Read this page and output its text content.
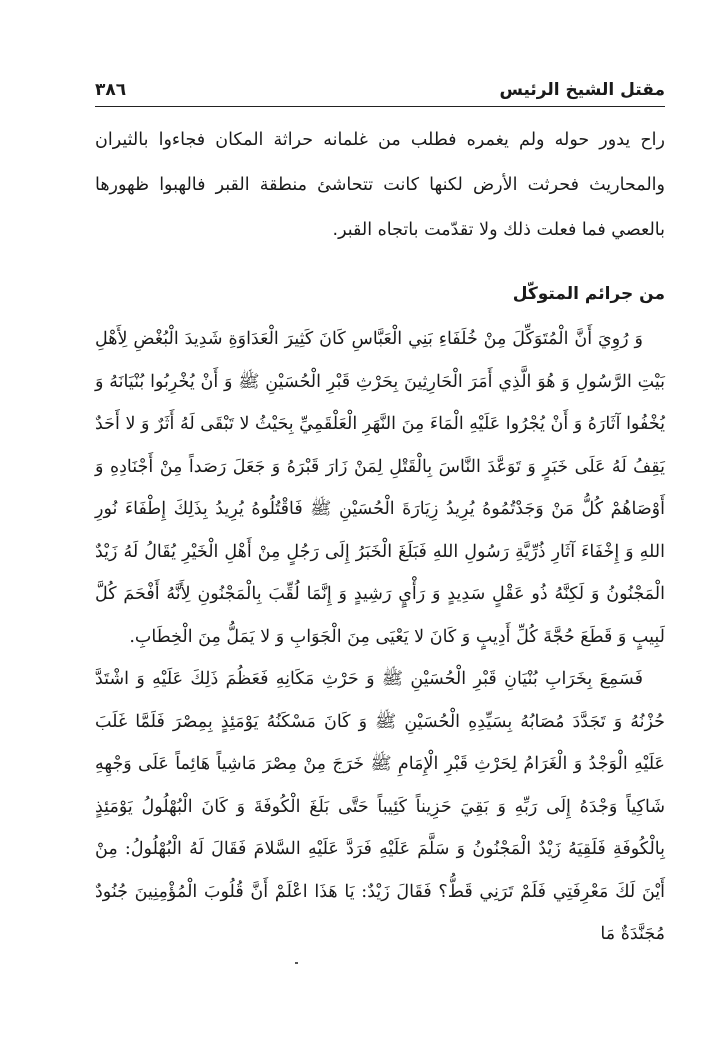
مقتل الشيخ الرئيس
٣٨٦
راح يدور حوله ولم يغمره فطلب من غلمانه حراثة المكان فجاءوا بالثيران والمحاريث فحرثت الأرض لكنها كانت تتحاشئ منطقة القبر فالهبوا ظهورها بالعصي فما فعلت ذلك ولا تقدّمت باتجاه القبر.
من جرائم المتوكّل

وَ رُوِيَ أَنَّ الْمُتَوَكِّلَ مِنْ خُلَفَاءِ بَنِي الْعَبَّاسِ كَانَ كَثِيرَ الْعَدَاوَةِ شَدِيدَ الْبُغْضِ لِأَهْلِ بَيْتِ الرَّسُولِ وَ هُوَ الَّذِي أَمَرَ الْحَارِثِينَ بِحَرْثِ قَبْرِ الْحُسَيْنِ ﷺ وَ أَنْ يُخْرِبُوا بُنْيَانَهُ وَ يُخْفُوا آثَارَهُ وَ أَنْ يُجْرُوا عَلَيْهِ الْمَاءَ مِنَ النَّهَرِ الْعَلْقَمِيِّ بِحَيْثُ لا تَبْقَى لَهُ أَثَرٌ وَ لا أَحَدٌ يَقِفُ لَهُ عَلَى خَبَرٍ وَ تَوَعَّدَ النَّاسَ بِالْقَتْلِ لِمَنْ زَارَ قَبْرَهُ وَ جَعَلَ رَصَداً مِنْ أَجْنَادِهِ وَ أَوْصَاهُمْ كُلُّ مَنْ وَجَدْتُمُوهُ يُرِيدُ زِيَارَةَ الْحُسَيْنِ ﷺ فَاقْتُلُوهُ يُرِيدُ بِذَلِكَ إِطْفَاءَ نُورِ اللهِ وَ إِخْفَاءَ آثَارِ ذُرِّيَّةِ رَسُولِ اللهِ فَبَلَغَ الْخَبَرُ إِلَى رَجُلٍ مِنْ أَهْلِ الْخَيْرِ يُقَالُ لَهُ زَيْدٌ الْمَجْنُونُ وَ لَكِنَّهُ ذُو عَقْلٍ سَدِيدٍ وَ رَأْيٍ رَشِيدٍ وَ إِنَّمَا لُقِّبَ بِالْمَجْنُونِ لِأَنَّهُ أَفْحَمَ كُلَّ لَبِيبٍ وَ قَطَعَ حُجَّةَ كُلِّ أَدِيبٍ وَ كَانَ لا يَعْيَى مِنَ الْجَوَابِ وَ لا يَمَلُّ مِنَ الْخِطَابِ.

فَسَمِعَ بِخَرَابِ بُنْيَانِ قَبْرِ الْحُسَيْنِ ﷺ وَ حَرْثِ مَكَانِهِ فَعَظُمَ ذَلِكَ عَلَيْهِ وَ اشْتَدَّ حُزْنُهُ وَ تَجَدَّدَ مُصَابُهُ بِسَيِّدِهِ الْحُسَيْنِ ﷺ وَ كَانَ مَسْكَنُهُ يَوْمَئِذٍ بِمِصْرَ فَلَمَّا غَلَبَ عَلَيْهِ الْوَجْدُ وَ الْغَرَامُ لِحَرْثِ قَبْرِ الْإِمَامِ ﷺ خَرَجَ مِنْ مِصْرَ مَاشِياً هَائِماً عَلَى وَجْهِهِ شَاكِياً وَجْدَهُ إِلَى رَبِّهِ وَ بَقِيَ حَزِيناً كَئِيباً حَتَّى بَلَغَ الْكُوفَةَ وَ كَانَ الْبُهْلُولُ يَوْمَئِذٍ بِالْكُوفَةِ فَلَقِيَهُ زَيْدٌ الْمَجْنُونُ وَ سَلَّمَ عَلَيْهِ فَرَدَّ عَلَيْهِ السَّلامَ فَقَالَ لَهُ الْبُهْلُولُ: مِنْ أَيْنَ لَكَ مَعْرِفَتِي فَلَمْ تَرَنِي قَطُّ؟ فَقَالَ زَيْدٌ: يَا هَذَا اعْلَمْ أَنَّ قُلُوبَ الْمُؤْمِنِينَ جُنُودٌ مُجَنَّدَةٌ مَا
